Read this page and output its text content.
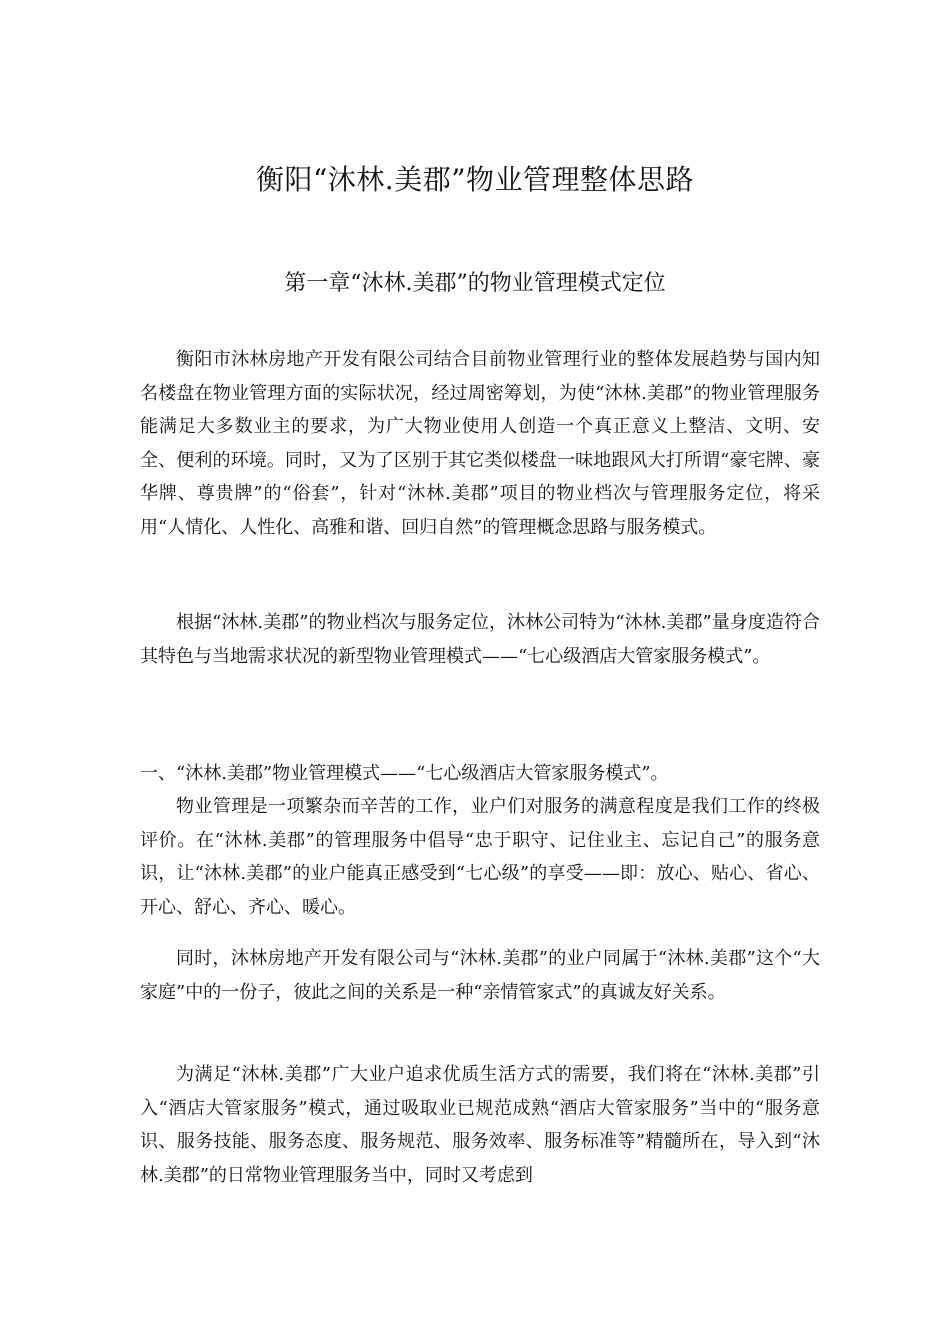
衡阳“沐林.美郡”物业管理整体思路
第一章“沐林.美郡”的物业管理模式定位

衡阳市沐林房地产开发有限公司结合目前物业管理行业的整体发展趋势与国内知名楼盘在物业管理方面的实际状况，经过周密筹划，为使“沐林.美郡”的物业管理服务能满足大多数业主的要求，为广大物业使用人创造一个真正意义上整洁、文明、安全、便利的环境。同时，又为了区别于其它类似楼盘一味地跟风大打所谓“豪宅牌、豪华牌、尊贵牌”的“俗套”，针对“沐林.美郡”项目的物业档次与管理服务定位，将采用“人情化、人性化、高雅和谐、回归自然”的管理概念思路与服务模式。

根据“沐林.美郡”的物业档次与服务定位，沐林公司特为“沐林.美郡”量身度造符合其特色与当地需求状况的新型物业管理模式——“七心级酒店大管家服务模式”。

一、“沐林.美郡”物业管理模式——“七心级酒店大管家服务模式”。

物业管理是一项繁杂而辛苦的工作，业户们对服务的满意程度是我们工作的终极评价。在“沐林.美郡”的管理服务中倡导“忠于职守、记住业主、忘记自己”的服务意识，让“沐林.美郡”的业户能真正感受到“七心级”的享受——即：放心、贴心、省心、开心、舒心、齐心、暖心。

同时，沐林房地产开发有限公司与“沐林.美郡”的业户同属于“沐林.美郡”这个“大家庭”中的一份子，彼此之间的关系是一种“亲情管家式”的真诚友好关系。

为满足“沐林.美郡”广大业户追求优质生活方式的需要，我们将在“沐林.美郡”引入“酒店大管家服务”模式，通过吸取业已规范成熟“酒店大管家服务”当中的“服务意识、服务技能、服务态度、服务规范、服务效率、服务标准等”精髓所在，导入到“沐林.美郡”的日常物业管理服务当中，同时又考虑到
